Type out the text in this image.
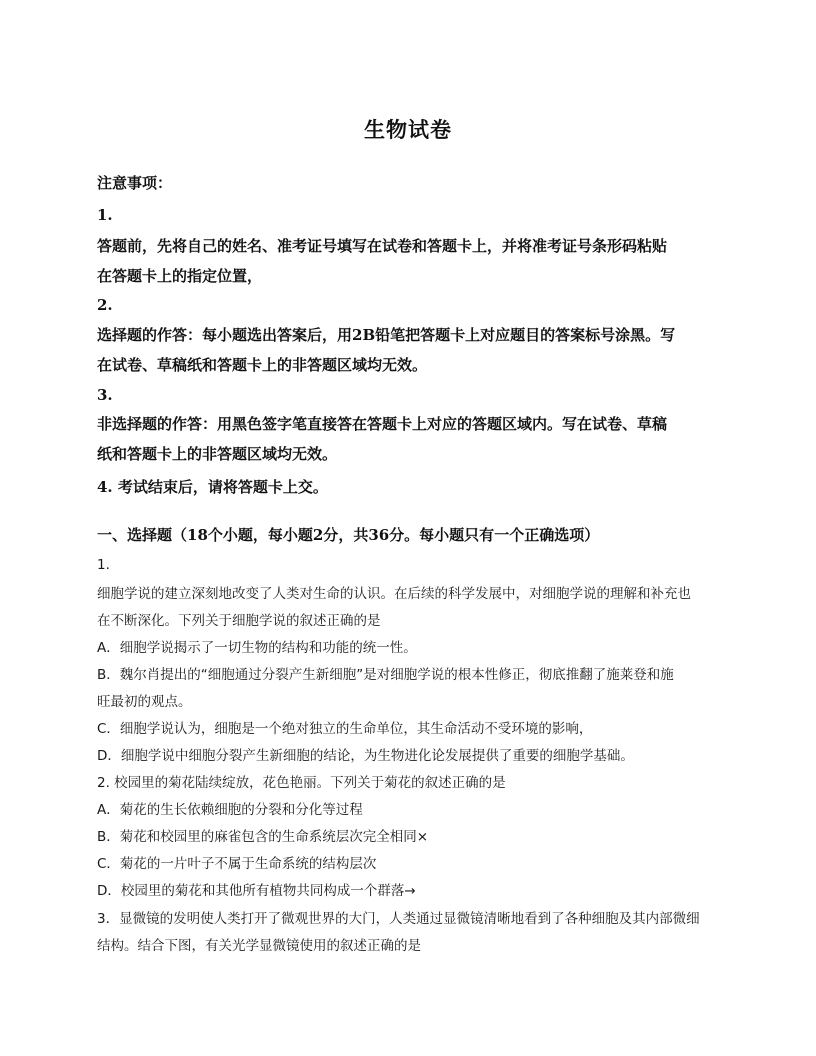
生物试卷
注意事项：
1.
答题前，先将自己的姓名、准考证号填写在试卷和答题卡上，并将准考证号条形码粘贴
在答题卡上的指定位置，
2.
选择题的作答：每小题选出答案后，用2B铅笔把答题卡上对应题目的答案标号涂黑。写
在试卷、草稿纸和答题卡上的非答题区域均无效。
3.
非选择题的作答：用黑色签字笔直接答在答题卡上对应的答题区域内。写在试卷、草稿
纸和答题卡上的非答题区域均无效。
4. 考试结束后，请将答题卡上交。
一、选择题（18个小题，每小题2分，共36分。每小题只有一个正确选项）
1.
细胞学说的建立深刻地改变了人类对生命的认识。在后续的科学发展中，对细胞学说的理解和补充也
在不断深化。下列关于细胞学说的叙述正确的是
A．细胞学说揭示了一切生物的结构和功能的统一性。
B．魏尔肖提出的“细胞通过分裂产生新细胞”是对细胞学说的根本性修正，彻底推翻了施莱登和施
旺最初的观点。
C．细胞学说认为，细胞是一个绝对独立的生命单位，其生命活动不受环境的影响，
D．细胞学说中细胞分裂产生新细胞的结论，为生物进化论发展提供了重要的细胞学基础。
2. 校园里的菊花陆续绽放，花色艳丽。下列关于菊花的叙述正确的是
A．菊花的生长依赖细胞的分裂和分化等过程
B．菊花和校园里的麻雀包含的生命系统层次完全相同×
C．菊花的一片叶子不属于生命系统的结构层次
D．校园里的菊花和其他所有植物共同构成一个群落→
3．显微镜的发明使人类打开了微观世界的大门，人类通过显微镜清晰地看到了各种细胞及其内部微细
结构。结合下图，有关光学显微镜使用的叙述正确的是
